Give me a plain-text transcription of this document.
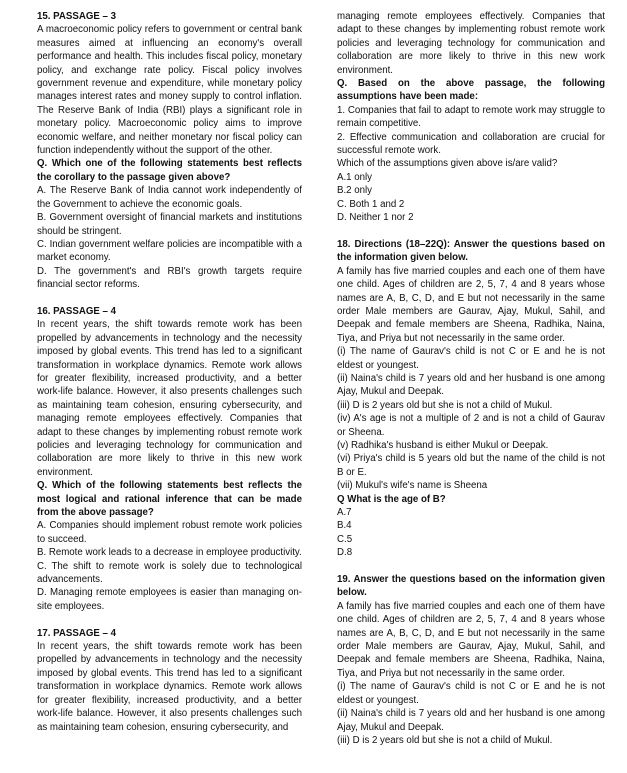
15. PASSAGE – 3

A macroeconomic policy refers to government or central bank measures aimed at influencing an economy's overall performance and health. This includes fiscal policy, monetary policy, and exchange rate policy. Fiscal policy involves government revenue and expenditure, while monetary policy manages interest rates and money supply to control inflation. The Reserve Bank of India (RBI) plays a significant role in monetary policy. Macroeconomic policy aims to improve economic welfare, and neither monetary nor fiscal policy can function independently without the support of the other.

Q. Which one of the following statements best reflects the corollary to the passage given above?

A. The Reserve Bank of India cannot work independently of the Government to achieve the economic goals.

B. Government oversight of financial markets and institutions should be stringent.

C. Indian government welfare policies are incompatible with a market economy.

D. The government's and RBI's growth targets require financial sector reforms.

16. PASSAGE – 4

In recent years, the shift towards remote work has been propelled by advancements in technology and the necessity imposed by global events. This trend has led to a significant transformation in workplace dynamics. Remote work allows for greater flexibility, increased productivity, and a better work-life balance. However, it also presents challenges such as maintaining team cohesion, ensuring cybersecurity, and managing remote employees effectively. Companies that adapt to these changes by implementing robust remote work policies and leveraging technology for communication and collaboration are more likely to thrive in this new work environment.

Q. Which of the following statements best reflects the most logical and rational inference that can be made from the above passage?

A. Companies should implement robust remote work policies to succeed.

B. Remote work leads to a decrease in employee productivity.

C. The shift to remote work is solely due to technological advancements.

D. Managing remote employees is easier than managing on-site employees.

17. PASSAGE – 4

In recent years, the shift towards remote work has been propelled by advancements in technology and the necessity imposed by global events. This trend has led to a significant transformation in workplace dynamics. Remote work allows for greater flexibility, increased productivity, and a better work-life balance. However, it also presents challenges such as maintaining team cohesion, ensuring cybersecurity, and

managing remote employees effectively. Companies that adapt to these changes by implementing robust remote work policies and leveraging technology for communication and collaboration are more likely to thrive in this new work environment.

Q. Based on the above passage, the following assumptions have been made:

1. Companies that fail to adapt to remote work may struggle to remain competitive.

2. Effective communication and collaboration are crucial for successful remote work.

Which of the assumptions given above is/are valid?

A.1 only

B.2 only

C. Both 1 and 2

D. Neither 1 nor 2

18. Directions (18–22Q): Answer the questions based on the information given below.

A family has five married couples and each one of them have one child. Ages of children are 2, 5, 7, 4 and 8 years whose names are A, B, C, D, and E but not necessarily in the same order Male members are Gaurav, Ajay, Mukul, Sahil, and Deepak and female members are Sheena, Radhika, Naina, Tiya, and Priya but not necessarily in the same order.

(i) The name of Gaurav's child is not C or E and he is not eldest or youngest.

(ii) Naina's child is 7 years old and her husband is one among Ajay, Mukul and Deepak.

(iii) D is 2 years old but she is not a child of Mukul.

(iv) A's age is not a multiple of 2 and is not a child of Gaurav or Sheena.

(v) Radhika's husband is either Mukul or Deepak.

(vi) Priya's child is 5 years old but the name of the child is not B or E.

(vii) Mukul's wife's name is Sheena

Q What is the age of B?

A.7

B.4

C.5

D.8

19. Answer the questions based on the information given below.

A family has five married couples and each one of them have one child. Ages of children are 2, 5, 7, 4 and 8 years whose names are A, B, C, D, and E but not necessarily in the same order Male members are Gaurav, Ajay, Mukul, Sahil, and Deepak and female members are Sheena, Radhika, Naina, Tiya, and Priya but not necessarily in the same order.

(i) The name of Gaurav's child is not C or E and he is not eldest or youngest.

(ii) Naina's child is 7 years old and her husband is one among Ajay, Mukul and Deepak.

(iii) D is 2 years old but she is not a child of Mukul.
